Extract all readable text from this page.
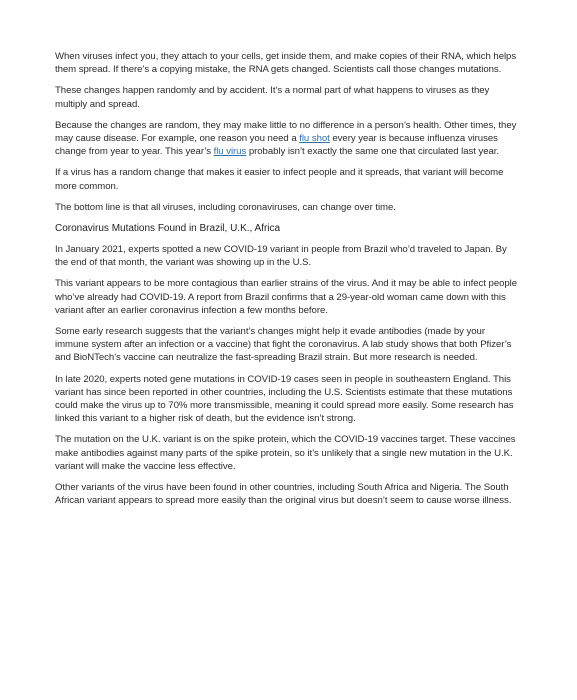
When viruses infect you, they attach to your cells, get inside them, and make copies of their RNA, which helps them spread. If there’s a copying mistake, the RNA gets changed. Scientists call those changes mutations.

These changes happen randomly and by accident. It’s a normal part of what happens to viruses as they multiply and spread.

Because the changes are random, they may make little to no difference in a person’s health. Other times, they may cause disease. For example, one reason you need a flu shot every year is because influenza viruses change from year to year. This year’s flu virus probably isn’t exactly the same one that circulated last year.

If a virus has a random change that makes it easier to infect people and it spreads, that variant will become more common.

The bottom line is that all viruses, including coronaviruses, can change over time.

Coronavirus Mutations Found in Brazil, U.K., Africa

In January 2021, experts spotted a new COVID-19 variant in people from Brazil who’d traveled to Japan. By the end of that month, the variant was showing up in the U.S.

This variant appears to be more contagious than earlier strains of the virus. And it may be able to infect people who’ve already had COVID-19. A report from Brazil confirms that a 29-year-old woman came down with this variant after an earlier coronavirus infection a few months before.

Some early research suggests that the variant’s changes might help it evade antibodies (made by your immune system after an infection or a vaccine) that fight the coronavirus. A lab study shows that both Pfizer’s and BioNTech’s vaccine can neutralize the fast-spreading Brazil strain. But more research is needed.

In late 2020, experts noted gene mutations in COVID-19 cases seen in people in southeastern England. This variant has since been reported in other countries, including the U.S. Scientists estimate that these mutations could make the virus up to 70% more transmissible, meaning it could spread more easily. Some research has linked this variant to a higher risk of death, but the evidence isn’t strong.

The mutation on the U.K. variant is on the spike protein, which the COVID-19 vaccines target. These vaccines make antibodies against many parts of the spike protein, so it’s unlikely that a single new mutation in the U.K. variant will make the vaccine less effective.

Other variants of the virus have been found in other countries, including South Africa and Nigeria. The South African variant appears to spread more easily than the original virus but doesn’t seem to cause worse illness.
